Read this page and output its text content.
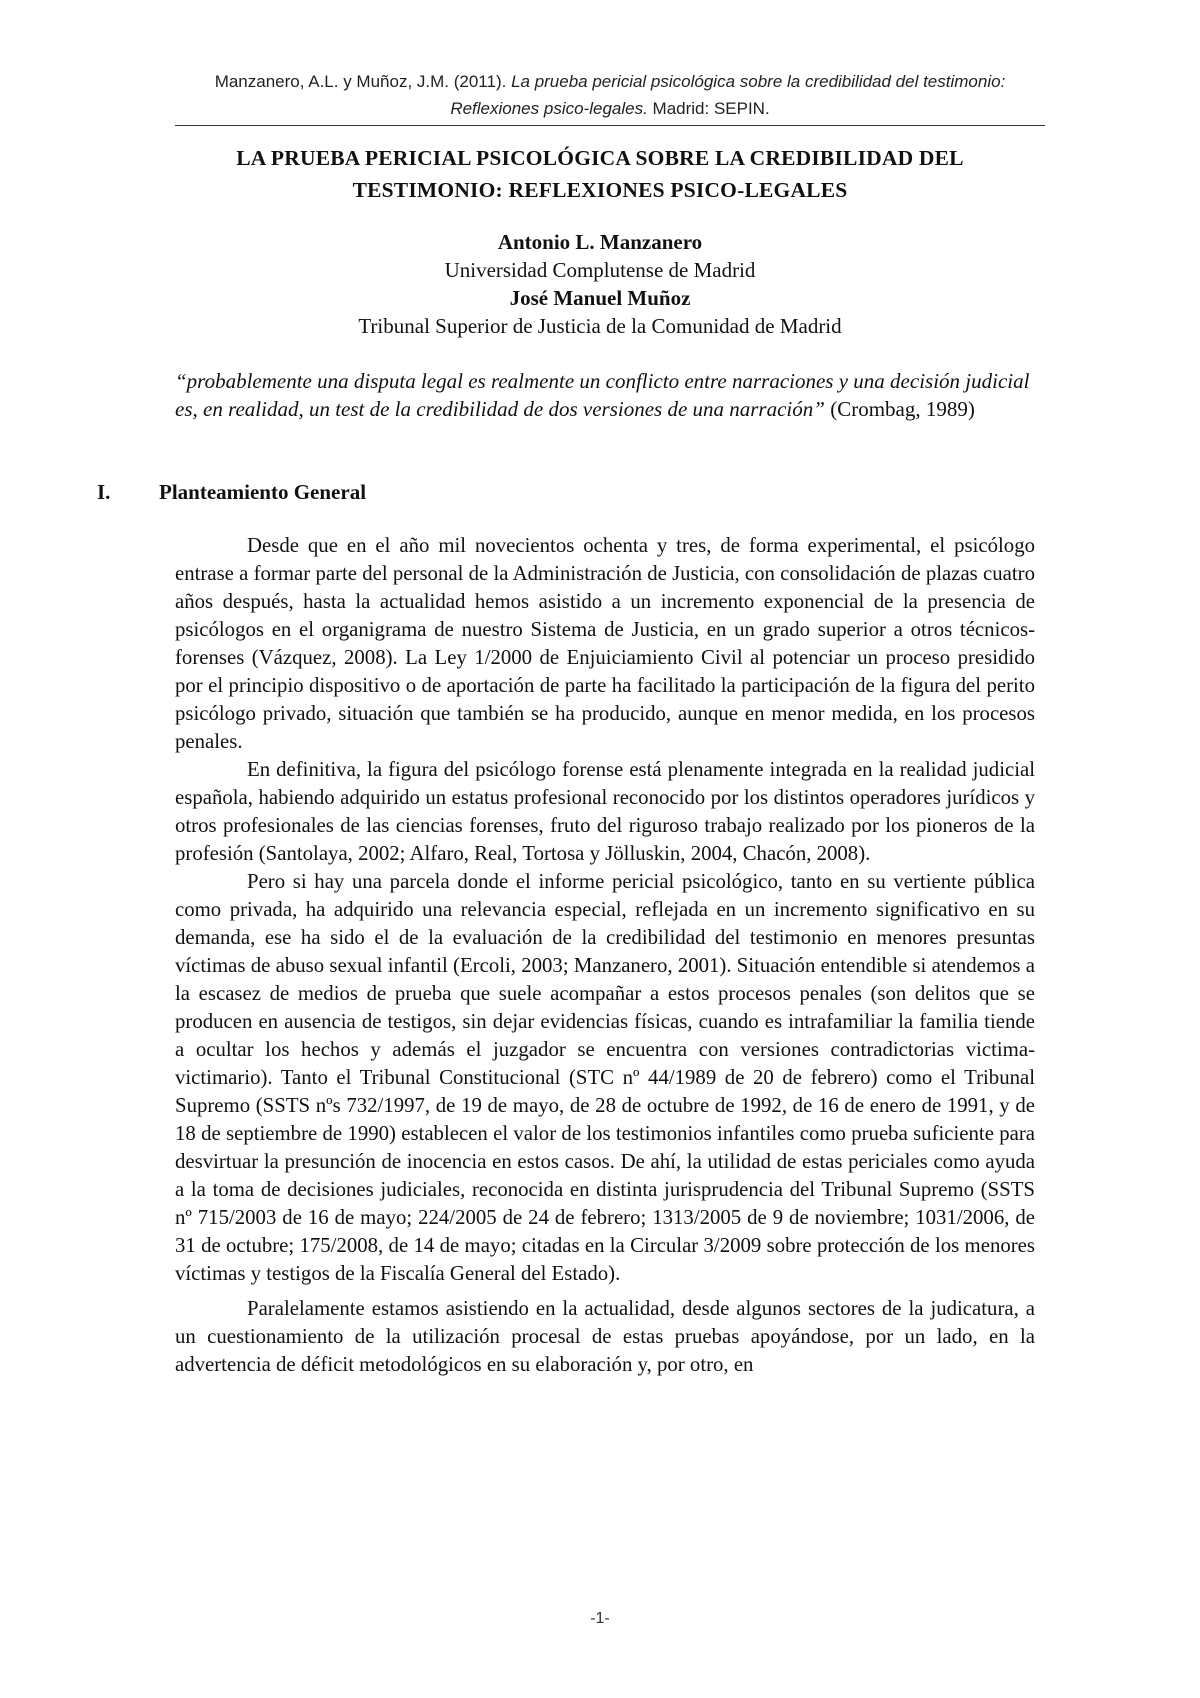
Manzanero, A.L. y Muñoz, J.M. (2011). La prueba pericial psicológica sobre la credibilidad del testimonio: Reflexiones psico-legales. Madrid: SEPIN.
LA PRUEBA PERICIAL PSICOLÓGICA SOBRE LA CREDIBILIDAD DEL
TESTIMONIO: REFLEXIONES PSICO-LEGALES
Antonio L. Manzanero
Universidad Complutense de Madrid
José Manuel Muñoz
Tribunal Superior de Justicia de la Comunidad de Madrid
“probablemente una disputa legal es realmente un conflicto entre narraciones y una decisión judicial es, en realidad, un test de la credibilidad de dos versiones de una narración” (Crombag, 1989)
I. Planteamiento General

Desde que en el año mil novecientos ochenta y tres, de forma experimental, el psicólogo entrase a formar parte del personal de la Administración de Justicia, con consolidación de plazas cuatro años después, hasta la actualidad hemos asistido a un incremento exponencial de la presencia de psicólogos en el organigrama de nuestro Sistema de Justicia, en un grado superior a otros técnicos-forenses (Vázquez, 2008). La Ley 1/2000 de Enjuiciamiento Civil al potenciar un proceso presidido por el principio dispositivo o de aportación de parte ha facilitado la participación de la figura del perito psicólogo privado, situación que también se ha producido, aunque en menor medida, en los procesos penales.

En definitiva, la figura del psicólogo forense está plenamente integrada en la realidad judicial española, habiendo adquirido un estatus profesional reconocido por los distintos operadores jurídicos y otros profesionales de las ciencias forenses, fruto del riguroso trabajo realizado por los pioneros de la profesión (Santolaya, 2002; Alfaro, Real, Tortosa y Jölluskin, 2004, Chacón, 2008).

Pero si hay una parcela donde el informe pericial psicológico, tanto en su vertiente pública como privada, ha adquirido una relevancia especial, reflejada en un incremento significativo en su demanda, ese ha sido el de la evaluación de la credibilidad del testimonio en menores presuntas víctimas de abuso sexual infantil (Ercoli, 2003; Manzanero, 2001). Situación entendible si atendemos a la escasez de medios de prueba que suele acompañar a estos procesos penales (son delitos que se producen en ausencia de testigos, sin dejar evidencias físicas, cuando es intrafamiliar la familia tiende a ocultar los hechos y además el juzgador se encuentra con versiones contradictorias victima-victimario). Tanto el Tribunal Constitucional (STC nº 44/1989 de 20 de febrero) como el Tribunal Supremo (SSTS nºs 732/1997, de 19 de mayo, de 28 de octubre de 1992, de 16 de enero de 1991, y de 18 de septiembre de 1990) establecen el valor de los testimonios infantiles como prueba suficiente para desvirtuar la presunción de inocencia en estos casos. De ahí, la utilidad de estas periciales como ayuda a la toma de decisiones judiciales, reconocida en distinta jurisprudencia del Tribunal Supremo (SSTS nº 715/2003 de 16 de mayo; 224/2005 de 24 de febrero; 1313/2005 de 9 de noviembre; 1031/2006, de 31 de octubre; 175/2008, de 14 de mayo; citadas en la Circular 3/2009 sobre protección de los menores víctimas y testigos de la Fiscalía General del Estado).

Paralelamente estamos asistiendo en la actualidad, desde algunos sectores de la judicatura, a un cuestionamiento de la utilización procesal de estas pruebas apoyándose, por un lado, en la advertencia de déficit metodológicos en su elaboración y, por otro, en

-1-
